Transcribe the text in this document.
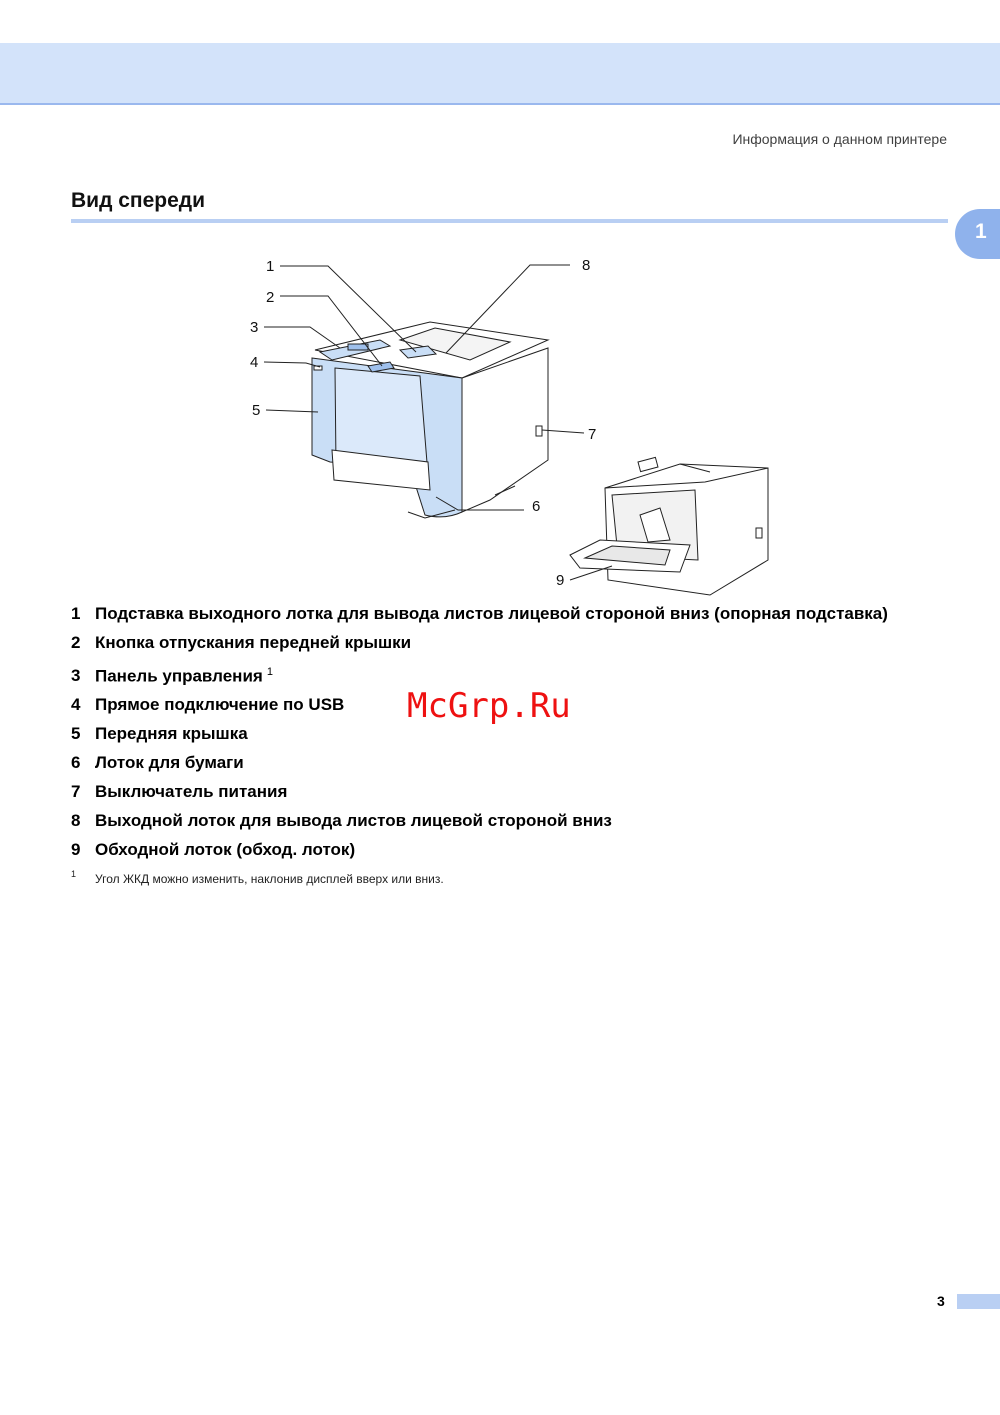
Информация о данном принтере
Вид спереди
1
1
2
3
4
5
6
7
8
9
1 Подставка выходного лотка для вывода листов лицевой стороной вниз (опорная подставка)
2 Кнопка отпускания передней крышки
3 Панель управления $^1$
4 Прямое подключение по USB
5 Передняя крышка
6 Лоток для бумаги
7 Выключатель питания
8 Выходной лоток для вывода листов лицевой стороной вниз
9 Обходной лоток (обход. лоток)
1 Угол ЖКД можно изменить, наклонив дисплей вверх или вниз.
McGrp.Ru
3
